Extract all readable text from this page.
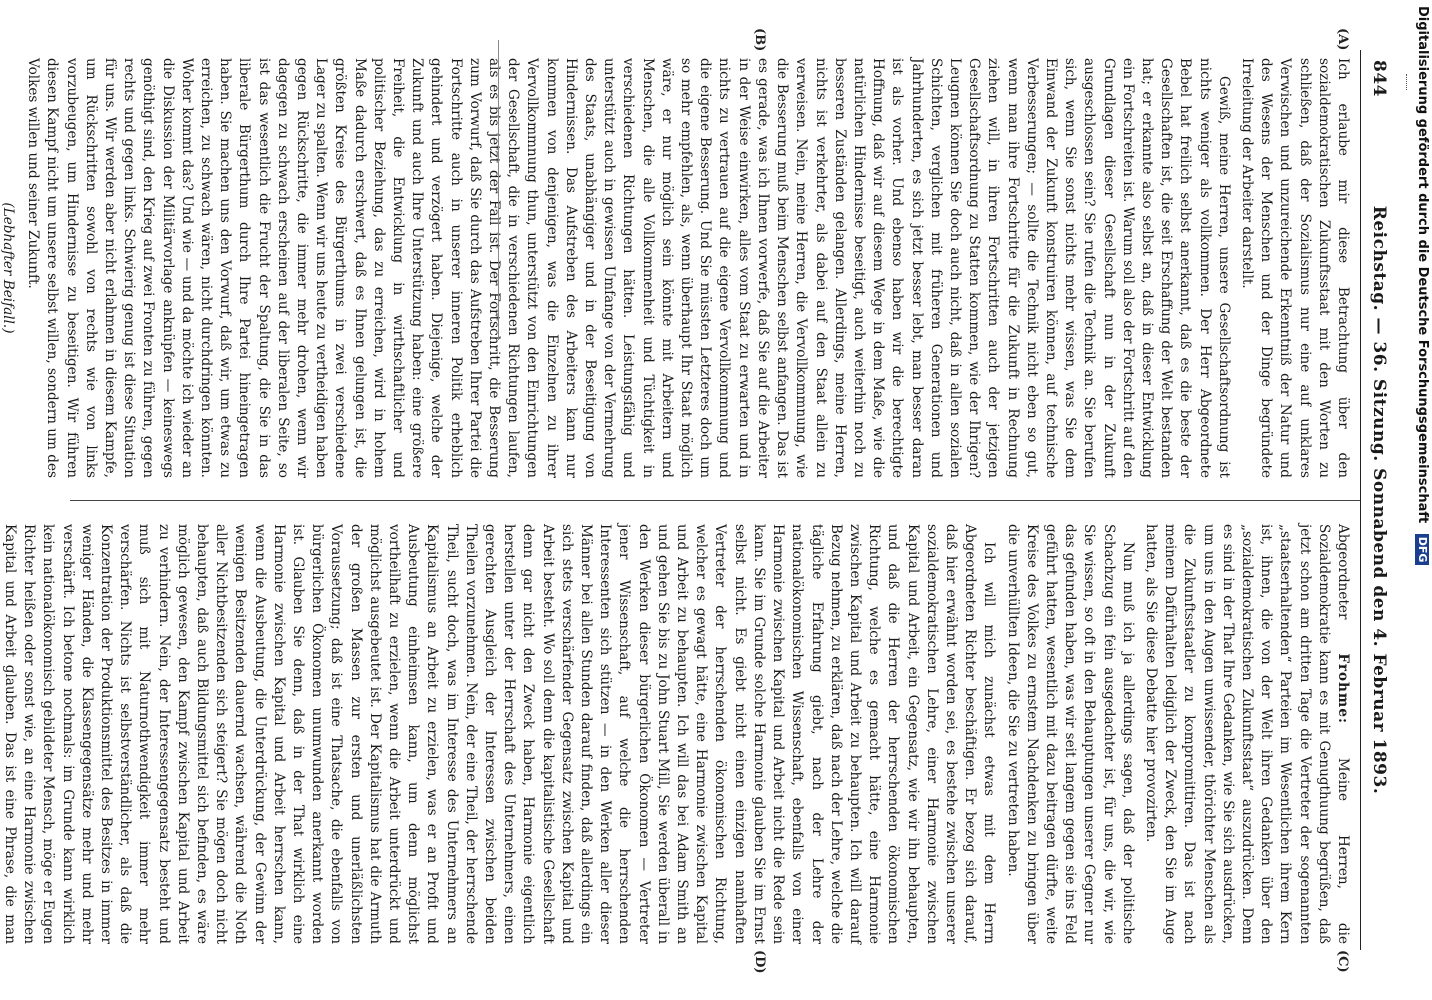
844
Reichstag. — 36. Sitzung. Sonnabend den 4. Februar 1893.
(A)
(B)
(C)
(D)

Ich erlaube mir diese Betrachtung über den sozialdemokratischen Zukunftsstaat mit den Worten zu schließen, daß der Sozialismus nur eine auf unklares Verwischen und unzureichende Erkenntniß der Natur und des Wesens der Menschen und der Dinge begründete Irreleitung der Arbeiter darstellt.

Gewiß, meine Herren, unsere Gesellschaftsordnung ist nichts weniger als vollkommen. Der Herr Abgeordnete Bebel hat freilich selbst anerkannt, daß es die beste der Gesellschaften ist, die seit Erschaffung der Welt bestanden hat; er erkannte also selbst an, daß in dieser Entwicklung ein Fortschreiten ist. Warum soll also der Fortschritt auf den Grundlagen dieser Gesellschaft nun in der Zukunft ausgeschlossen sein? Sie rufen die Technik an. Sie berufen sich, wenn Sie sonst nichts mehr wissen, was Sie dem Einwand der Zukunft konstruiren können, auf technische Verbesserungen; — sollte die Technik nicht eben so gut, wenn man ihre Fortschritte für die Zukunft in Rechnung ziehen will, in ihren Fortschritten auch der jetzigen Gesellschaftsordnung zu Statten kommen, wie der Ihrigen? Leugnen können Sie doch auch nicht, daß in allen sozialen Schichten, verglichen mit früheren Generationen und Jahrhunderten, es sich jetzt besser lebt, man besser daran ist als vorher. Und ebenso haben wir die berechtigte Hoffnung, daß wir auf diesem Wege in dem Maße, wie die natürlichen Hindernisse beseitigt, auch weiterhin noch zu besseren Zuständen gelangen. Allerdings, meine Herren, nichts ist verkehrter, als dabei auf den Staat allein zu verweisen. Nein, meine Herren, die Vervollkommnung, wie die Besserung muß beim Menschen selbst anfangen. Das ist es gerade, was ich Ihnen vorwerfe, daß Sie auf die Arbeiter in der Weise einwirken, alles vom Staat zu erwarten und in nichts zu vertrauen auf die eigene Vervollkommnung und die eigene Besserung. Und Sie müssten Letzteres doch um so mehr empfehlen, als, wenn überhaupt Ihr Staat möglich wäre, er nur möglich sein könnte mit Arbeitern und Menschen, die alle Vollkommenheit und Tüchtigkeit in verschiedenen Richtungen hätten. Leistungsfähig und unterstützt auch in gewissen Umfange von der Vermehrung des Staats, unabhängiger und in der Beseitigung von Hindernissen. Das Aufstreben des Arbeiters kann nur kommen von denjenigen, was die Einzelnen zu ihrer Vervollkommnung thun, unterstützt von den Einrichtungen der Gesellschaft, die in verschiedenen Richtungen laufen, als es bis jetzt der Fall ist. Der Fortschritt, die Besserung zum Vorwurf, daß Sie durch das Aufstreben Ihrer Partei die Fortschritte auch in unserer inneren Politik erheblich gehindert und verzögert haben. Diejenige, welche der Zukunft und auch Ihre Unterstützung haben: eine größere Freiheit, die Entwicklung in wirthschaftlicher und politischer Beziehung, das zu erreichen, wird in hohem Maße dadurch erschwert, daß es Ihnen gelungen ist, die größten Kreise des Bürgerthums in zwei verschiedene Lager zu spalten. Wenn wir uns heute zu vertheidigen haben gegen Rückschritte, die immer mehr drohen, wenn wir dagegen zu schwach erscheinen auf der liberalen Seite, so ist das wesentlich die Frucht der Spaltung, die Sie in das liberale Bürgerthum durch Ihre Partei hineingetragen haben. Sie machen uns den Vorwurf, daß wir, um etwas zu erreichen, zu schwach wären, nicht durchdringen könnten. Woher kommt das? Und wie — und da möchte ich wieder an die Diskussion der Militärvorlage anknüpfen — keineswegs genöthigt sind, den Krieg auf zwei Fronten zu führen, gegen rechts und gegen links. Schwierig genug ist diese Situation für uns. Wir werden aber nicht erlahmen in diesem Kampfe, um Rückschritten sowohl von rechts wie von links vorzubeugen, um Hindernisse zu beseitigen. Wir führen diesen Kampf nicht um unsere selbst willen, sondern um des Volkes willen und seiner Zukunft.

(Lebhafter Beifall.)

Abgeordneter Frohme: Meine Herren, die Sozialdemokratie kann es mit Genugthuung begrüßen, daß jetzt schon am dritten Tage die Vertreter der sogenannten „staatserhaltenden“ Parteien im Wesentlichen ihrem Kern ist, ihnen, die von der Welt ihren Gedanken über den „sozialdemokratischen Zukunftsstaat“ auszudrücken. Denn es sind in der That Ihre Gedanken, wie Sie sich ausdrücken, um uns in den Augen unwissender, thörichter Menschen als die Zukunftsstaatler zu kompromittiren. Das ist nach meinem Dafürhalten lediglich der Zweck, den Sie im Auge hatten, als Sie diese Debatte hier provozirten.

Nun muß ich ja allerdings sagen, daß der politische Schachzug ein fein ausgedachter ist, für uns, die wir, wie Sie wissen, so oft in den Behauptungen unserer Gegner nur das gefunden haben, was wir seit langem gegen sie ins Feld geführt hatten, wesentlich mit dazu beitragen dürfte, weite Kreise des Volkes zu ernstem Nachdenken zu bringen über die unverhüllten Ideen, die Sie zu vertreten haben.

Ich will mich zunächst etwas mit dem Herrn Abgeordneten Richter beschäftigen. Er bezog sich darauf, daß hier erwähnt worden sei, es bestehe zwischen unserer sozialdemokratischen Lehre, einer Harmonie zwischen Kapital und Arbeit, ein Gegensatz, wie wir ihn behaupten, und daß die Herren der herrschenden ökonomischen Richtung, welche es gemacht hätte, eine Harmonie zwischen Kapital und Arbeit zu behaupten. Ich will darauf Bezug nehmen, zu erklären, daß nach der Lehre, welche die tägliche Erfahrung giebt, nach der Lehre der nationalökonomischen Wissenschaft, ebenfalls von einer Harmonie zwischen Kapital und Arbeit nicht die Rede sein kann. Sie im Grunde solche Harmonie glauben Sie im Ernst selbst nicht. Es giebt nicht einen einzigen namhaften Vertreter der herrschenden ökonomischen Richtung, welcher es gewagt hätte, eine Harmonie zwischen Kapital und Arbeit zu behaupten. Ich will das bei Adam Smith an und gehen Sie bis zu John Stuart Mill, Sie werden überall in den Werken dieser bürgerlichen Ökonomen — Vertreter jener Wissenschaft, auf welche die herrschenden Interessenten sich stützen — in den Werken aller dieser Männer bei allen Stunden darauf finden, daß allerdings ein sich stets verschärfender Gegensatz zwischen Kapital und Arbeit besteht. Wo soll denn die kapitalistische Gesellschaft denn gar nicht den Zweck haben, Harmonie eigentlich herstellen unter der Herrschaft des Unternehmers, einen gerechten Ausgleich der Interessen zwischen beiden Theilen vorzunehmen. Nein, der eine Theil, der herrschende Theil, sucht doch, was im Interesse des Unternehmers an Kapitalismus an Arbeit zu erzielen, was er an Profit und Ausbeutung einheimsen kann, um denn möglichst vortheilhaft zu erzielen, wenn die Arbeit unterdrückt und möglichst ausgebeutet ist. Der Kapitalismus hat die Armuth der großen Massen zur ersten und unerläßlichsten Voraussetzung; daß ist eine Thatsache, die ebenfalls von bürgerlichen Ökonomen unumwunden anerkannt worden ist. Glauben Sie denn, daß in der That wirklich eine Harmonie zwischen Kapital und Arbeit herrschen kann, wenn die Ausbeutung, die Unterdrückung, der Gewinn der wenigen Besitzenden dauernd wachsen, während die Noth aller Nichtbesitzenden sich steigert? Sie mögen doch nicht behaupten, daß auch Bildungsmittel sich befinden, es wäre möglich gewesen, den Kampf zwischen Kapital und Arbeit zu verhindern. Nein, der Interessengegensatz besteht und muß sich mit Naturnothwendigkeit immer mehr verschärfen. Nichts ist selbstverständlicher, als daß die Konzentration der Produktionsmittel des Besitzes in immer weniger Händen, die Klassengegensätze mehr und mehr verschärft. Ich betone nochmals: im Grunde kann wirklich kein nationalökonomisch gebildeter Mensch, möge er Eugen Richter heißen oder sonst wie, an eine Harmonie zwischen Kapital und Arbeit glauben. Das ist eine Phrase, die man

Digitalisierung gefördert durch die Deutsche Forschungsgemeinschaft DFG
